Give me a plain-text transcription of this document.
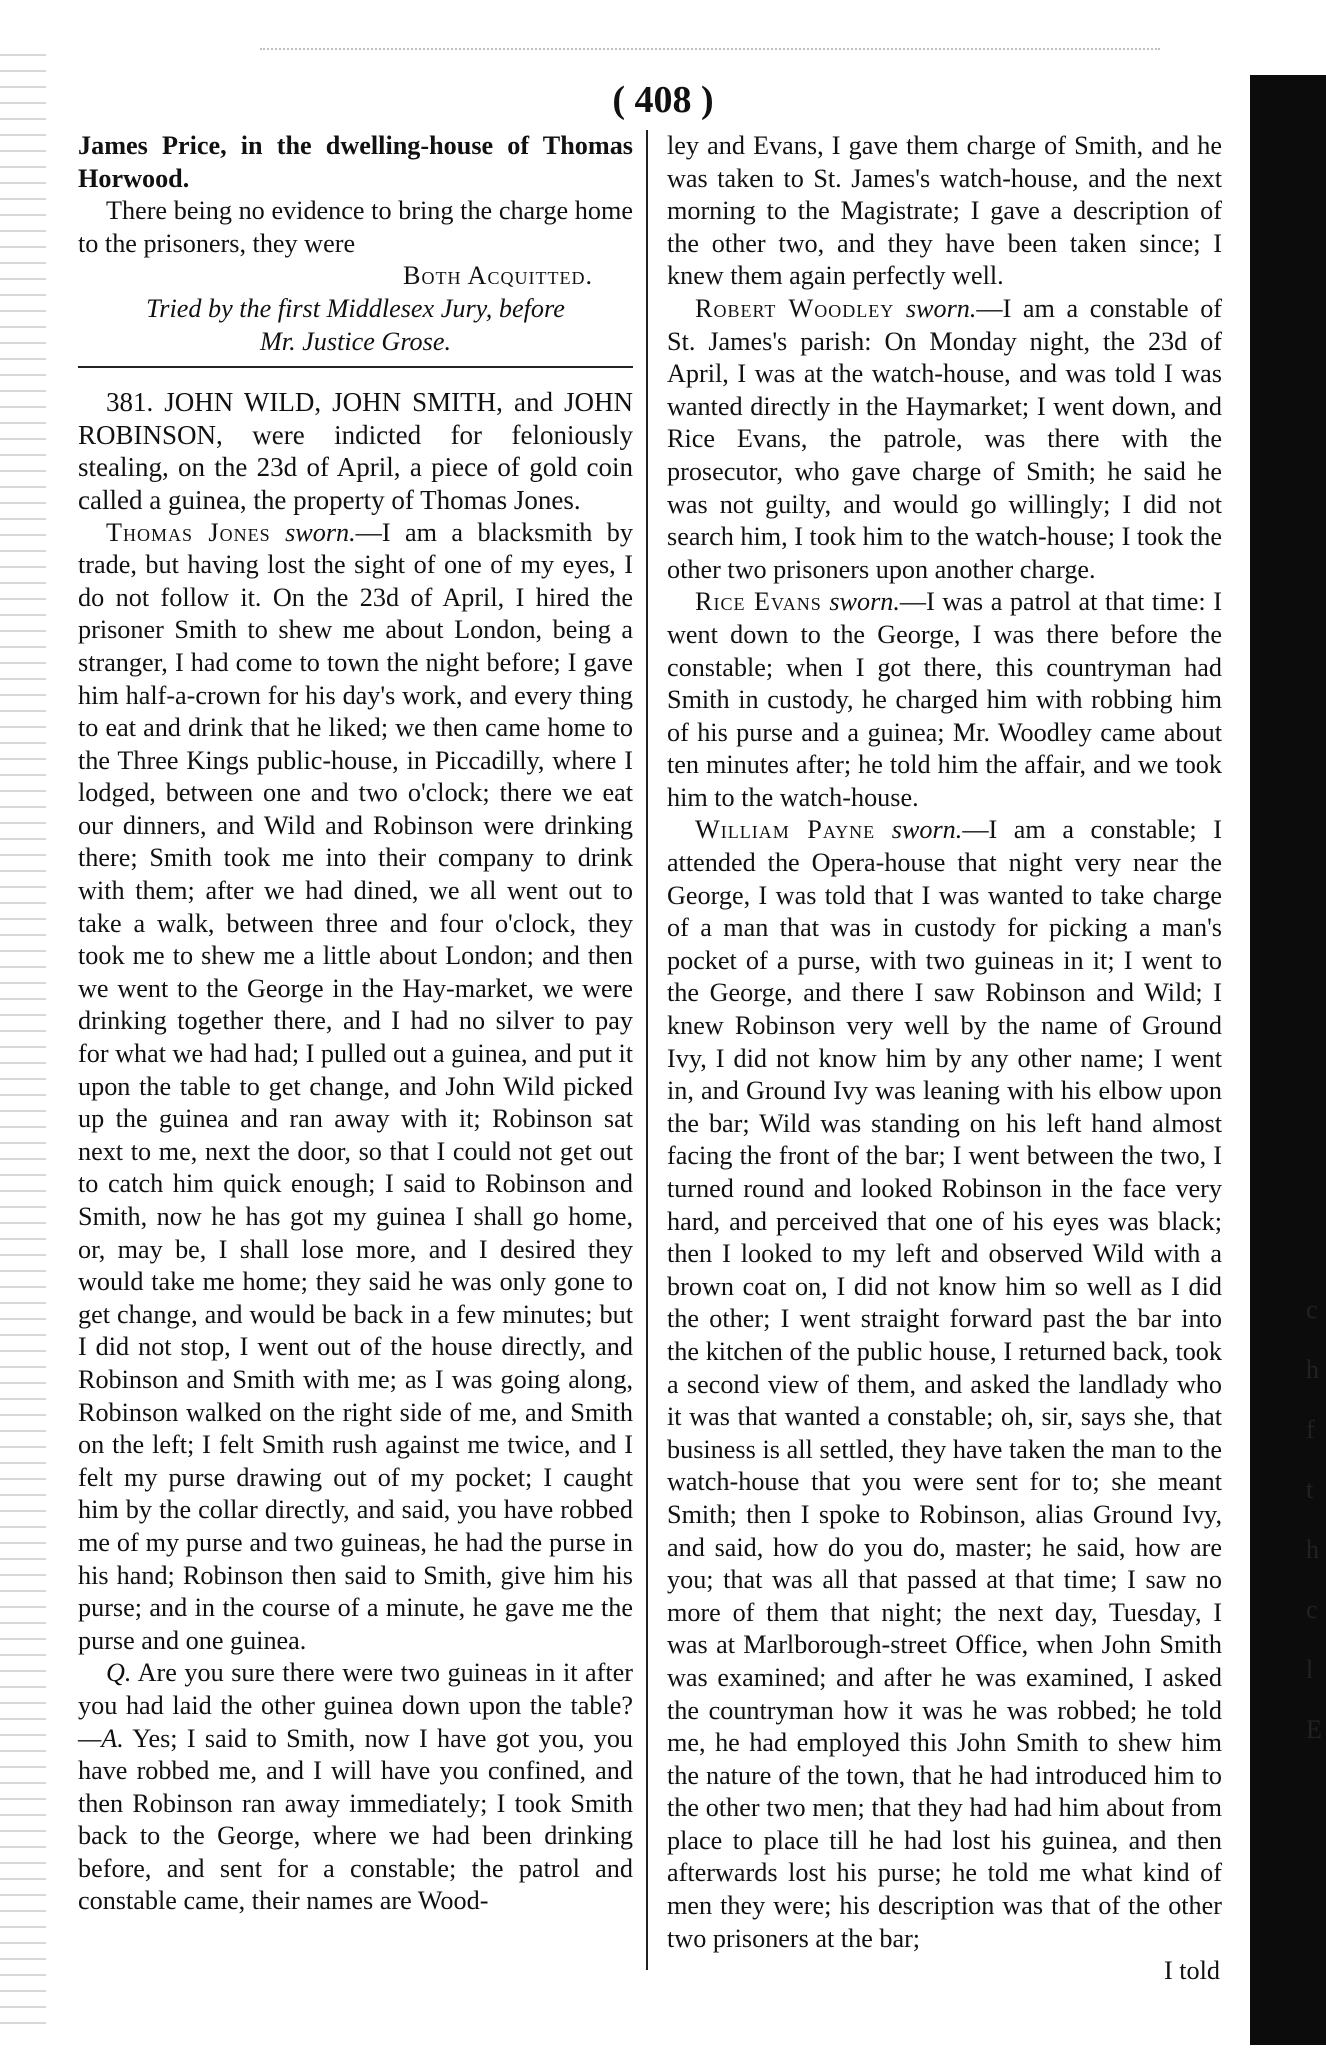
( 408 )

James Price, in the dwelling-house of Thomas Horwood.

There being no evidence to bring the charge home to the prisoners, they were

Both Acquitted.

Tried by the first Middlesex Jury, before

Mr. Justice Grose.

381. JOHN WILD, JOHN SMITH, and JOHN ROBINSON, were indicted for feloniously stealing, on the 23d of April, a piece of gold coin called a guinea, the property of Thomas Jones.

Thomas Jones sworn.—I am a blacksmith by trade, but having lost the sight of one of my eyes, I do not follow it. On the 23d of April, I hired the prisoner Smith to shew me about London, being a stranger, I had come to town the night before; I gave him half-a-crown for his day's work, and every thing to eat and drink that he liked; we then came home to the Three Kings public-house, in Piccadilly, where I lodged, between one and two o'clock; there we eat our dinners, and Wild and Robinson were drinking there; Smith took me into their company to drink with them; after we had dined, we all went out to take a walk, between three and four o'clock, they took me to shew me a little about London; and then we went to the George in the Hay-market, we were drinking together there, and I had no silver to pay for what we had had; I pulled out a guinea, and put it upon the table to get change, and John Wild picked up the guinea and ran away with it; Robinson sat next to me, next the door, so that I could not get out to catch him quick enough; I said to Robinson and Smith, now he has got my guinea I shall go home, or, may be, I shall lose more, and I desired they would take me home; they said he was only gone to get change, and would be back in a few minutes; but I did not stop, I went out of the house directly, and Robinson and Smith with me; as I was going along, Robinson walked on the right side of me, and Smith on the left; I felt Smith rush against me twice, and I felt my purse drawing out of my pocket; I caught him by the collar directly, and said, you have robbed me of my purse and two guineas, he had the purse in his hand; Robinson then said to Smith, give him his purse; and in the course of a minute, he gave me the purse and one guinea.

Q. Are you sure there were two guineas in it after you had laid the other guinea down upon the table?—A. Yes; I said to Smith, now I have got you, you have robbed me, and I will have you confined, and then Robinson ran away immediately; I took Smith back to the George, where we had been drinking before, and sent for a constable; the patrol and constable came, their names are Wood-

ley and Evans, I gave them charge of Smith, and he was taken to St. James's watch-house, and the next morning to the Magistrate; I gave a description of the other two, and they have been taken since; I knew them again perfectly well.

Robert Woodley sworn.—I am a constable of St. James's parish: On Monday night, the 23d of April, I was at the watch-house, and was told I was wanted directly in the Haymarket; I went down, and Rice Evans, the patrole, was there with the prosecutor, who gave charge of Smith; he said he was not guilty, and would go willingly; I did not search him, I took him to the watch-house; I took the other two prisoners upon another charge.

Rice Evans sworn.—I was a patrol at that time: I went down to the George, I was there before the constable; when I got there, this countryman had Smith in custody, he charged him with robbing him of his purse and a guinea; Mr. Woodley came about ten minutes after; he told him the affair, and we took him to the watch-house.

William Payne sworn.—I am a constable; I attended the Opera-house that night very near the George, I was told that I was wanted to take charge of a man that was in custody for picking a man's pocket of a purse, with two guineas in it; I went to the George, and there I saw Robinson and Wild; I knew Robinson very well by the name of Ground Ivy, I did not know him by any other name; I went in, and Ground Ivy was leaning with his elbow upon the bar; Wild was standing on his left hand almost facing the front of the bar; I went between the two, I turned round and looked Robinson in the face very hard, and perceived that one of his eyes was black; then I looked to my left and observed Wild with a brown coat on, I did not know him so well as I did the other; I went straight forward past the bar into the kitchen of the public house, I returned back, took a second view of them, and asked the landlady who it was that wanted a constable; oh, sir, says she, that business is all settled, they have taken the man to the watch-house that you were sent for to; she meant Smith; then I spoke to Robinson, alias Ground Ivy, and said, how do you do, master; he said, how are you; that was all that passed at that time; I saw no more of them that night; the next day, Tuesday, I was at Marlborough-street Office, when John Smith was examined; and after he was examined, I asked the countryman how it was he was robbed; he told me, he had employed this John Smith to shew him the nature of the town, that he had introduced him to the other two men; that they had had him about from place to place till he had lost his guinea, and then afterwards lost his purse; he told me what kind of men they were; his description was that of the other two prisoners at the bar;

I told

c
h
f
t
h
c
l
E
